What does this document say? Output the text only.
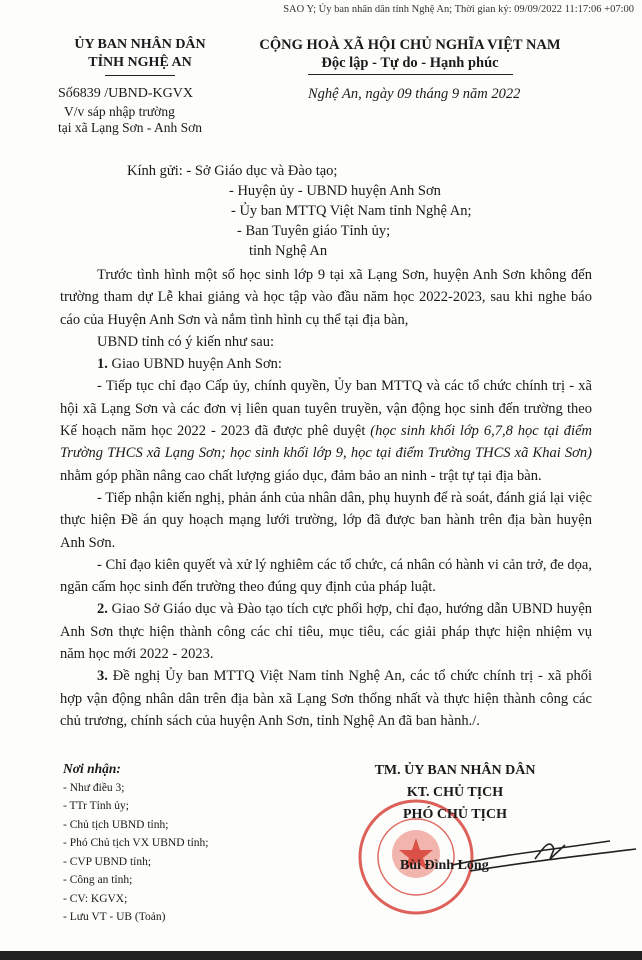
SAO Y; Ủy ban nhân dân tỉnh Nghệ An; Thời gian ký: 09/09/2022 11:17:06 +07:00
ỦY BAN NHÂN DÂN
TỈNH NGHỆ AN
CỘNG HOÀ XÃ HỘI CHỦ NGHĨA VIỆT NAM
Độc lập - Tự do - Hạnh phúc
Số6839 /UBND-KGVX
V/v sáp nhập trường
tại xã Lạng Sơn - Anh Sơn
Nghệ An, ngày 09 tháng 9 năm 2022
Kính gửi: - Sở Giáo dục và Đào tạo;
- Huyện ủy - UBND huyện Anh Sơn
- Ủy ban MTTQ Việt Nam tỉnh Nghệ An;
- Ban Tuyên giáo Tỉnh ủy;
tỉnh Nghệ An

Trước tình hình một số học sinh lớp 9 tại xã Lạng Sơn, huyện Anh Sơn không đến trường tham dự Lễ khai giảng và học tập vào đầu năm học 2022-2023, sau khi nghe báo cáo của Huyện Anh Sơn và nắm tình hình cụ thể tại địa bàn,

UBND tỉnh có ý kiến như sau:

1. Giao UBND huyện Anh Sơn:

- Tiếp tục chỉ đạo Cấp ủy, chính quyền, Ủy ban MTTQ và các tổ chức chính trị - xã hội xã Lạng Sơn và các đơn vị liên quan tuyên truyền, vận động học sinh đến trường theo Kế hoạch năm học 2022 - 2023 đã được phê duyệt (học sinh khối lớp 6,7,8 học tại điểm Trường THCS xã Lạng Sơn; học sinh khối lớp 9, học tại điểm Trường THCS xã Khai Sơn) nhằm góp phần nâng cao chất lượng giáo dục, đảm bảo an ninh - trật tự tại địa bàn.

- Tiếp nhận kiến nghị, phản ánh của nhân dân, phụ huynh để rà soát, đánh giá lại việc thực hiện Đề án quy hoạch mạng lưới trường, lớp đã được ban hành trên địa bàn huyện Anh Sơn.

- Chỉ đạo kiên quyết và xử lý nghiêm các tổ chức, cá nhân có hành vi cản trở, đe dọa, ngăn cấm học sinh đến trường theo đúng quy định của pháp luật.

2. Giao Sở Giáo dục và Đào tạo tích cực phối hợp, chỉ đạo, hướng dẫn UBND huyện Anh Sơn thực hiện thành công các chỉ tiêu, mục tiêu, các giải pháp thực hiện nhiệm vụ năm học mới 2022 - 2023.

3. Đề nghị Ủy ban MTTQ Việt Nam tỉnh Nghệ An, các tổ chức chính trị - xã phối hợp vận động nhân dân trên địa bàn xã Lạng Sơn thống nhất và thực hiện thành công các chủ trương, chính sách của huyện Anh Sơn, tỉnh Nghệ An đã ban hành./.

Nơi nhận:
- Như điều 3;
- TTr Tỉnh ủy;
- Chủ tịch UBND tỉnh;
- Phó Chủ tịch VX UBND tỉnh;
- CVP UBND tỉnh;
- Công an tỉnh;
- CV: KGVX;
- Lưu VT - UB (Toản)
TM. ỦY BAN NHÂN DÂN
KT. CHỦ TỊCH
PHÓ CHỦ TỊCH
Bùi Đình Long
